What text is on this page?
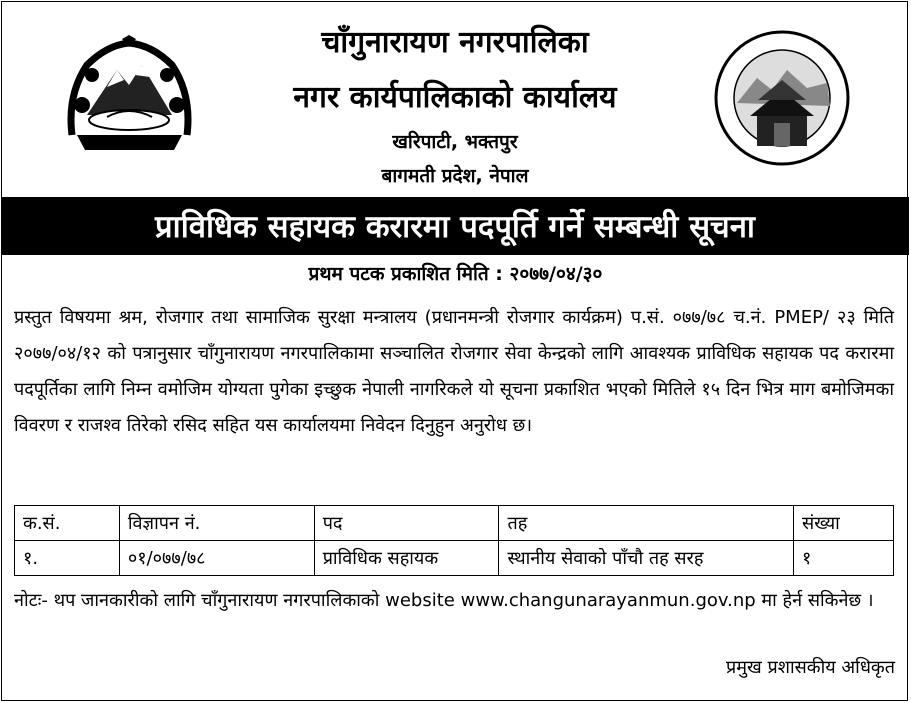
चाँगुनारायण नगरपालिका
नगर कार्यपालिकाको कार्यालय
खरिपाटी, भक्तपुर
बागमती प्रदेश, नेपाल
प्राविधिक सहायक करारमा पदपूर्ति गर्ने सम्बन्धी सूचना
प्रथम पटक प्रकाशित मिति : २०७७/०४/३०
प्रस्तुत विषयमा श्रम, रोजगार तथा सामाजिक सुरक्षा मन्त्रालय (प्रधानमन्त्री रोजगार कार्यक्रम) प.सं. ०७७/७८ च.नं. PMEP/ २३ मिति २०७७/०४/१२ को पत्रानुसार चाँगुनारायण नगरपालिकामा सञ्चालित रोजगार सेवा केन्द्रको लागि आवश्यक प्राविधिक सहायक पद करारमा पदपूर्तिका लागि निम्न वमोजिम योग्यता पुगेका इच्छुक नेपाली नागरिकले यो सूचना प्रकाशित भएको मितिले १५ दिन भित्र माग बमोजिमका विवरण र राजश्व तिरेको रसिद सहित यस कार्यालयमा निवेदन दिनुहुन अनुरोध छ।
क.सं.	विज्ञापन नं.	पद	तह	संख्या
१.	०१/०७७/७८	प्राविधिक सहायक	स्थानीय सेवाको पाँचौ तह सरह	१
नोटः- थप जानकारीको लागि चाँगुनारायण नगरपालिकाको website www.changunarayanmun.gov.np मा हेर्न सकिनेछ ।
प्रमुख प्रशासकीय अधिकृत
